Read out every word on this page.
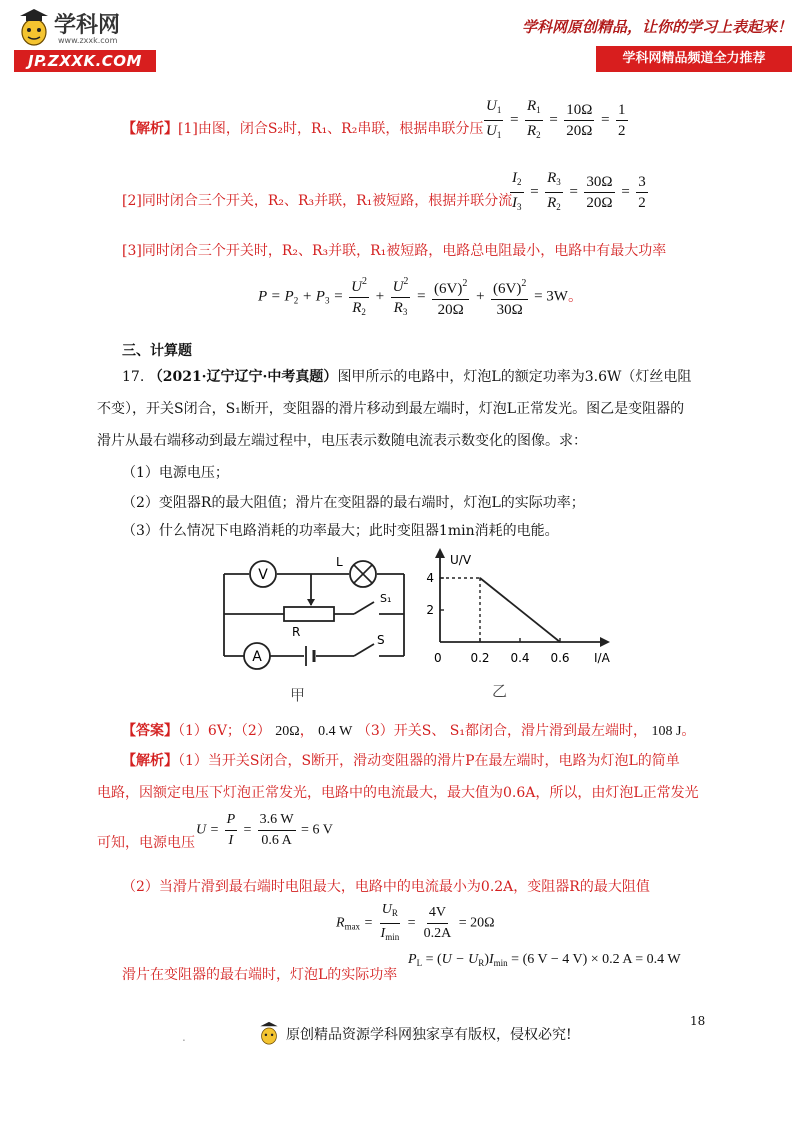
学科网
www.zxxk.com
JP.ZXXK.COM
学科网原创精品，让你的学习上表起来！
学科网精品频道全力推荐
【解析】[1]由图，闭合S₂时，R₁、R₂串联，根据串联分压 $\frac{U_1}{U_1} = \frac{R_1}{R_2} = \frac{10\Omega}{20\Omega} = \frac{1}{2}$
[2]同时闭合三个开关，R₂、R₃并联，R₁被短路，根据并联分流
$\frac{I_2}{I_3} = \frac{R_3}{R_2} = \frac{30\Omega}{20\Omega} = \frac{3}{2}$
[3]同时闭合三个开关时，R₂、R₃并联，R₁被短路，电路总电阻最小，电路中有最大功率
$P = P_2 + P_3 = \frac{U^2}{R_2} + \frac{U^2}{R_3} = \frac{(6V)^2}{20\Omega} + \frac{(6V)^2}{30\Omega} = 3W$。
三、计算题
17. （2021·辽宁辽宁·中考真题）图甲所示的电路中，灯泡L的额定功率为3.6W（灯丝电阻
不变），开关S闭合，S₁断开，变阻器的滑片移动到最左端时，灯泡L正常发光。图乙是变阻器的
滑片从最右端移动到最左端过程中，电压表示数随电流表示数变化的图像。求：
（1）电源电压；
（2）变阻器R的最大阻值；滑片在变阻器的最右端时，灯泡L的实际功率；
（3）什么情况下电路消耗的功率最大；此时变阻器1min消耗的电能。
V
L
S₁
R
A
S
甲
U/V
I/A
0 0.2 0.4 0.6
2
4
乙
【答案】（1）6V；（2） 20Ω， 0.4 W （3）开关S、 S₁都闭合，滑片滑到最左端时， 108 J。
【解析】（1）当开关S闭合，S断开，滑动变阻器的滑片P在最左端时，电路为灯泡L的简单
电路，因额定电压下灯泡正常发光，电路中的电流最大，最大值为0.6A，所以，由灯泡L正常发光
可知，电源电压
$U = \frac{P}{I} = \frac{3.6 W}{0.6 A} = 6$ V
（2）当滑片滑到最右端时电阻最大，电路中的电流最小为0.2A，变阻器R的最大阻值
$R_{max} = \frac{U_R}{I_{min}} = \frac{4V}{0.2A} = 20\Omega$
滑片在变阻器的最右端时，灯泡L的实际功率
$P_L = (U - U_R)I_{min} = (6$ V − 4 V) × 0.2 A = 0.4 W
18
原创精品资源学科网独家享有版权，侵权必究!
.
